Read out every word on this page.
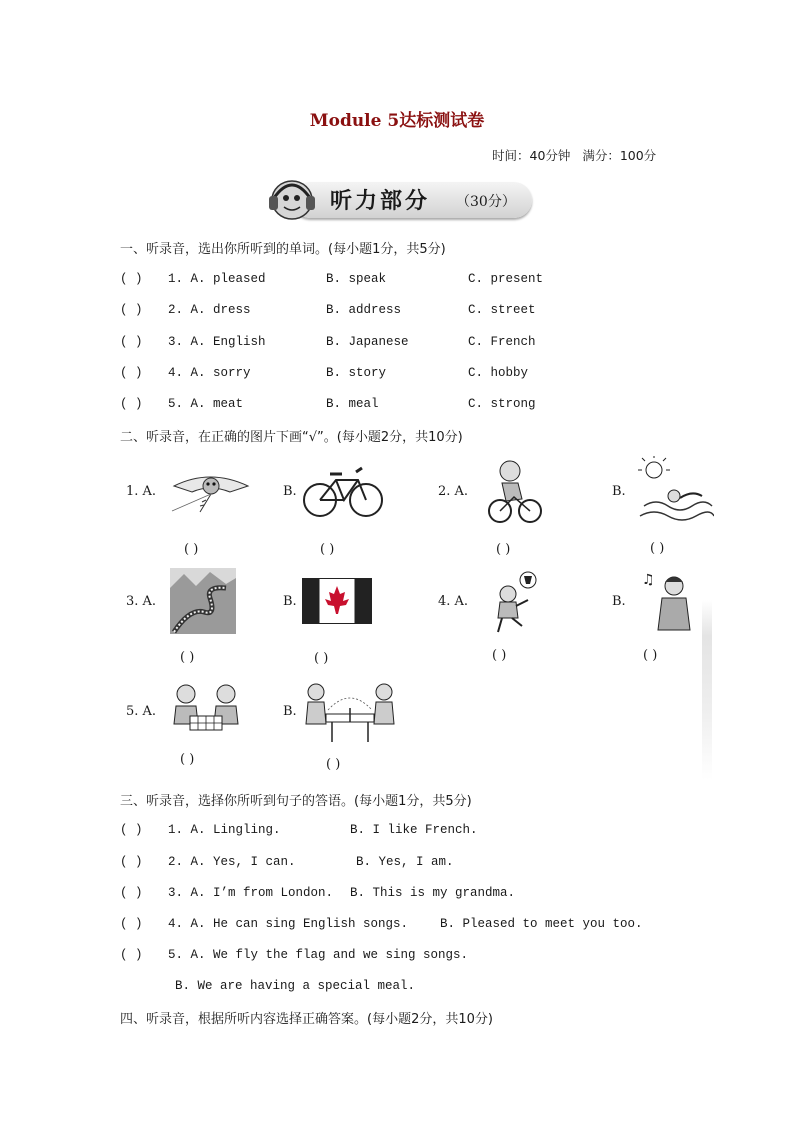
Module 5达标测试卷
时间：40分钟 满分：100分
听力部分 （30分）
一、听录音，选出你所听到的单词。(每小题1分，共5分)
( ) 1. A. pleased	B. speak	C. present
( ) 2. A. dress	B. address	C. street
( ) 3. A. English	B. Japanese	C. French
( ) 4. A. sorry	B. story	C. hobby
( ) 5. A. meat	B. meal	C. strong
二、听录音，在正确的图片下画“√”。(每小题2分，共10分)
1. A.	B.	2. A.	B.
3. A.	B.	4. A.	B.
5. A.	B.
( )	( )	( )	( )
( )	( )	( )	( )
( )	( )
♫
三、听录音，选择你所听到句子的答语。(每小题1分，共5分)
( ) 1. A. Lingling.	B. I like French.
( ) 2. A. Yes, I can.	B. Yes, I am.
( ) 3. A. I’m from London. B. This is my grandma.
( ) 4. A. He can sing English songs.	B. Pleased to meet you too.
( ) 5. A. We fly the flag and we sing songs.
B. We are having a special meal.
四、听录音，根据所听内容选择正确答案。(每小题2分，共10分)
